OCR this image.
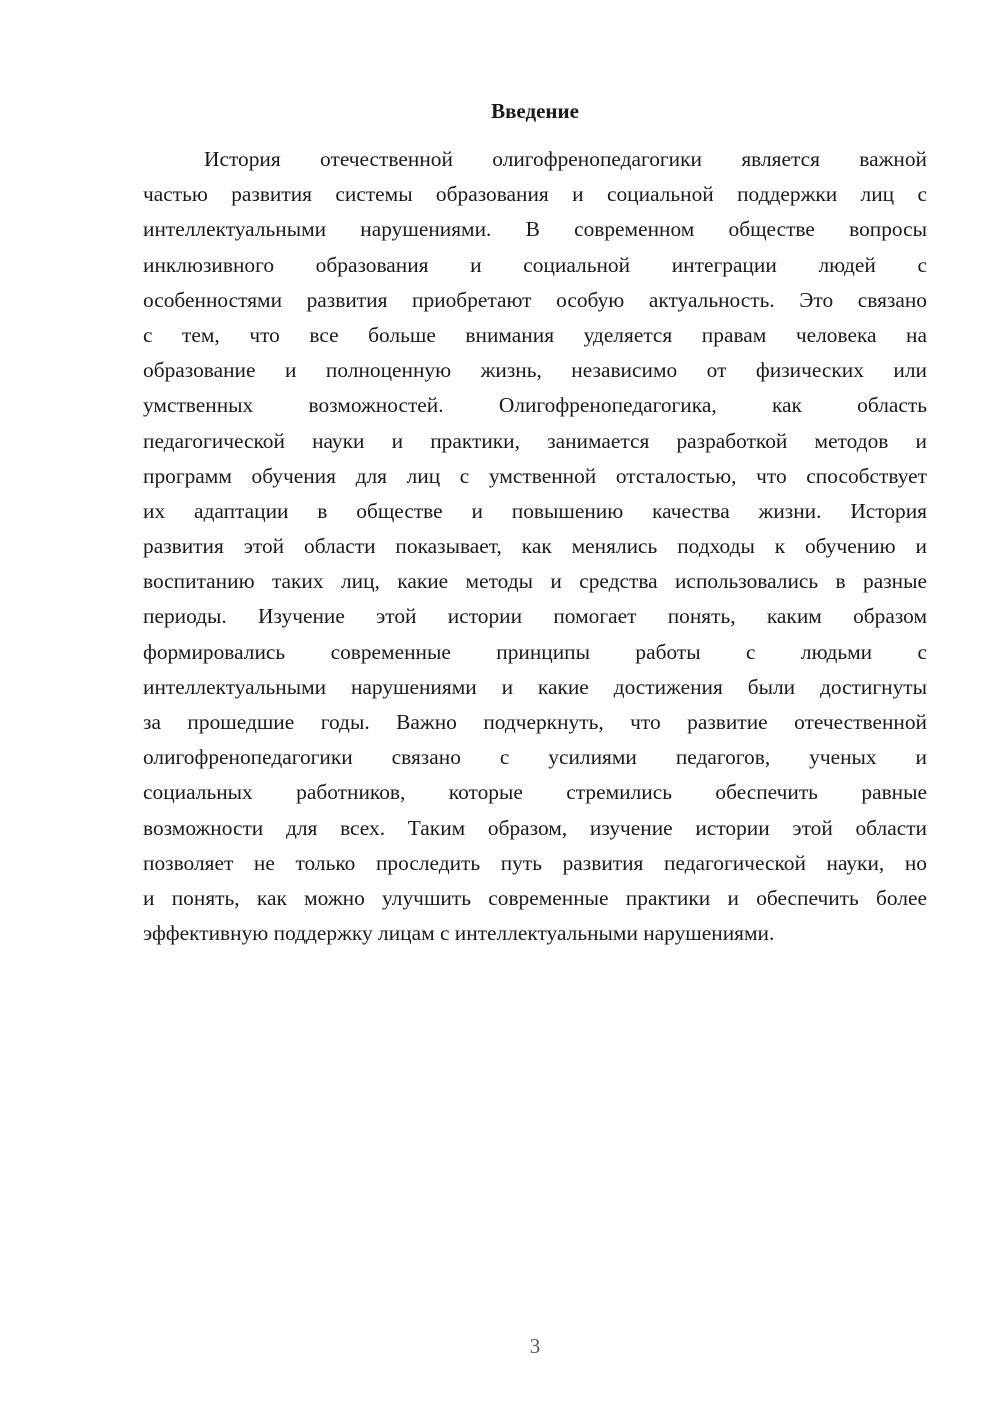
Введение
История отечественной олигофренопедагогики является важной
частью развития системы образования и социальной поддержки лиц с
интеллектуальными нарушениями. В современном обществе вопросы
инклюзивного образования и социальной интеграции людей с
особенностями развития приобретают особую актуальность. Это связано
с тем, что все больше внимания уделяется правам человека на
образование и полноценную жизнь, независимо от физических или
умственных возможностей. Олигофренопедагогика, как область
педагогической науки и практики, занимается разработкой методов и
программ обучения для лиц с умственной отсталостью, что способствует
их адаптации в обществе и повышению качества жизни. История
развития этой области показывает, как менялись подходы к обучению и
воспитанию таких лиц, какие методы и средства использовались в разные
периоды. Изучение этой истории помогает понять, каким образом
формировались современные принципы работы с людьми с
интеллектуальными нарушениями и какие достижения были достигнуты
за прошедшие годы. Важно подчеркнуть, что развитие отечественной
олигофренопедагогики связано с усилиями педагогов, ученых и
социальных работников, которые стремились обеспечить равные
возможности для всех. Таким образом, изучение истории этой области
позволяет не только проследить путь развития педагогической науки, но
и понять, как можно улучшить современные практики и обеспечить более
эффективную поддержку лицам с интеллектуальными нарушениями.
3
